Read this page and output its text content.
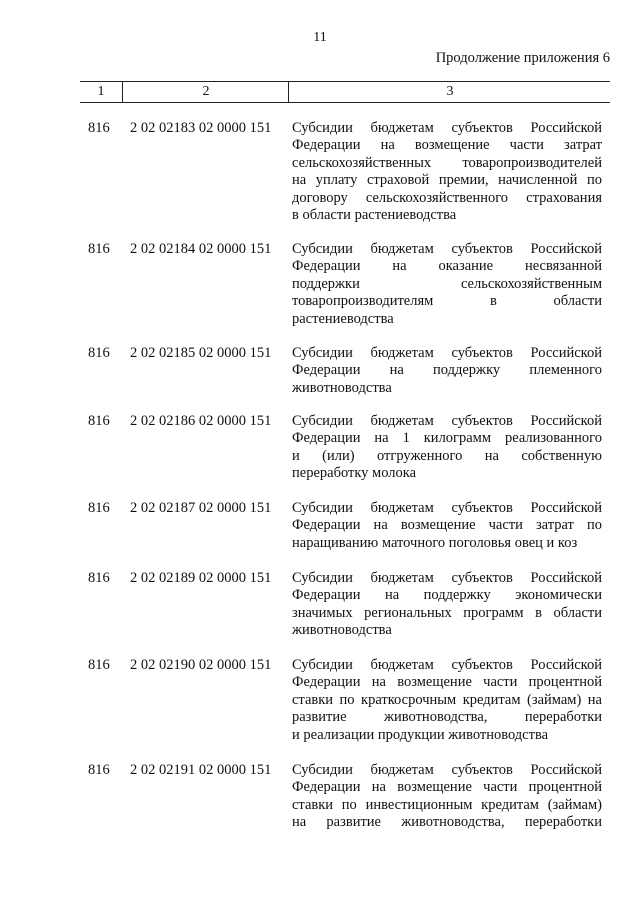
11
Продолжение приложения 6
1	2	3
816	2 02 02183 02 0000 151	Субсидии бюджетам субъектов Российской
Федерации на возмещение части затрат
сельскохозяйственных товаропроизводителей
на уплату страховой премии, начисленной по
договору сельскохозяйственного страхования
в области растениеводства
816	2 02 02184 02 0000 151	Субсидии бюджетам субъектов Российской
Федерации на оказание несвязанной
поддержки сельскохозяйственным
товаропроизводителям в области
растениеводства
816	2 02 02185 02 0000 151	Субсидии бюджетам субъектов Российской
Федерации на поддержку племенного
животноводства
816	2 02 02186 02 0000 151	Субсидии бюджетам субъектов Российской
Федерации на 1 килограмм реализованного
и (или) отгруженного на собственную
переработку молока
816	2 02 02187 02 0000 151	Субсидии бюджетам субъектов Российской
Федерации на возмещение части затрат по
наращиванию маточного поголовья овец и коз
816	2 02 02189 02 0000 151	Субсидии бюджетам субъектов Российской
Федерации на поддержку экономически
значимых региональных программ в области
животноводства
816	2 02 02190 02 0000 151	Субсидии бюджетам субъектов Российской
Федерации на возмещение части процентной
ставки по краткосрочным кредитам (займам) на
развитие животноводства, переработки
и реализации продукции животноводства
816	2 02 02191 02 0000 151	Субсидии бюджетам субъектов Российской
Федерации на возмещение части процентной
ставки по инвестиционным кредитам (займам)
на развитие животноводства, переработки
